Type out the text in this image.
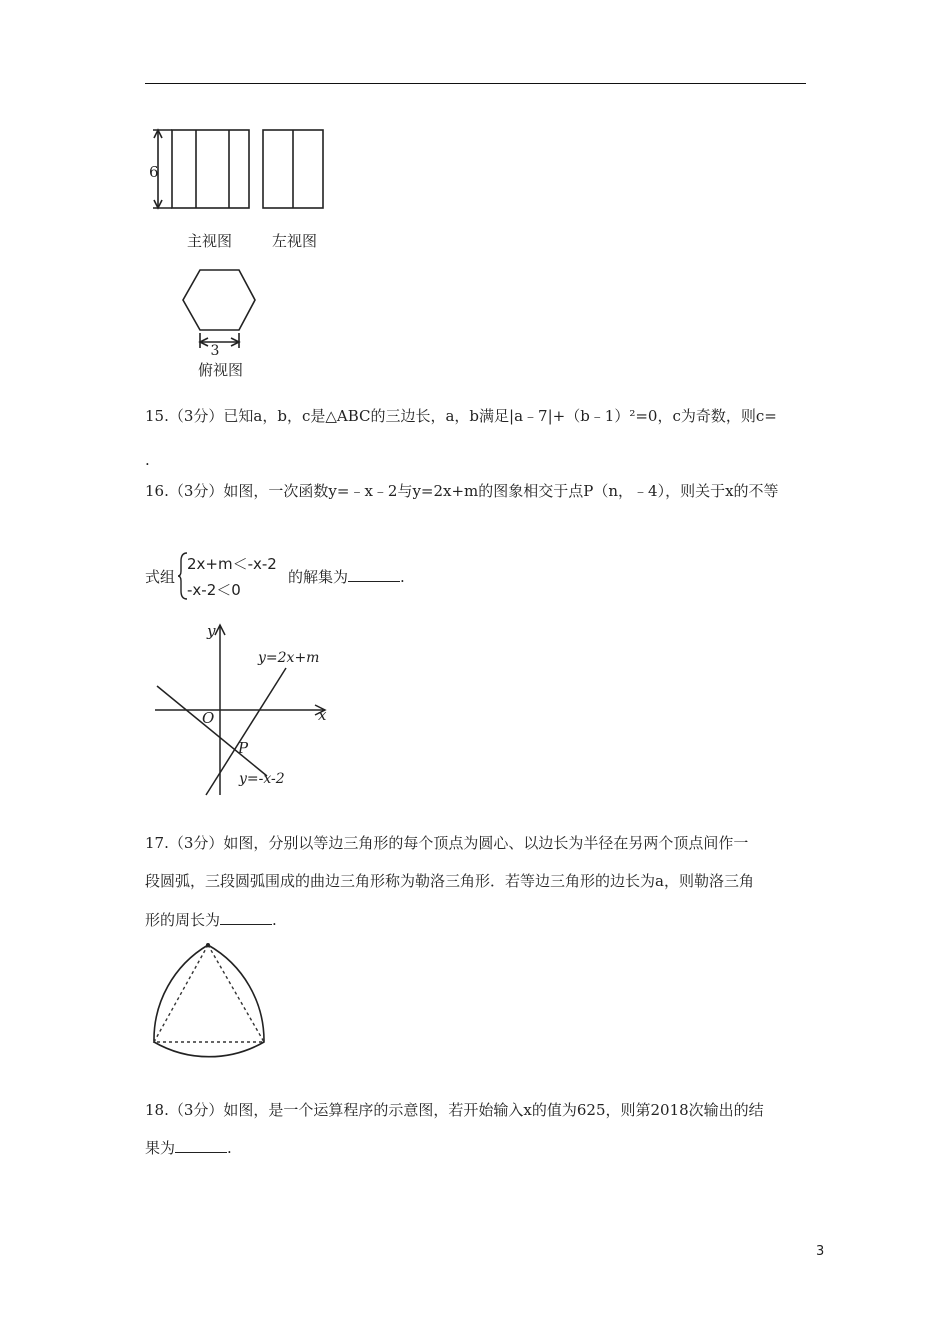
6
3
主视图	左视图
俯视图
15.（3分）已知a，b，c是△ABC的三边长，a，b满足|a﹣7|+（b﹣1）²=0，c为奇数，则c=
.
16.（3分）如图，一次函数y=﹣x﹣2与y=2x+m的图象相交于点P（n，﹣4），则关于x的不等
式组
2x+m＜-x-2
-x-2＜0
的解集为	.
y
x
O
P
y=2x+m
y=-x-2
17.（3分）如图，分别以等边三角形的每个顶点为圆心、以边长为半径在另两个顶点间作一
段圆弧，三段圆弧围成的曲边三角形称为勒洛三角形．若等边三角形的边长为a，则勒洛三角
形的周长为	.
18.（3分）如图，是一个运算程序的示意图，若开始输入x的值为625，则第2018次输出的结
果为	.
3
